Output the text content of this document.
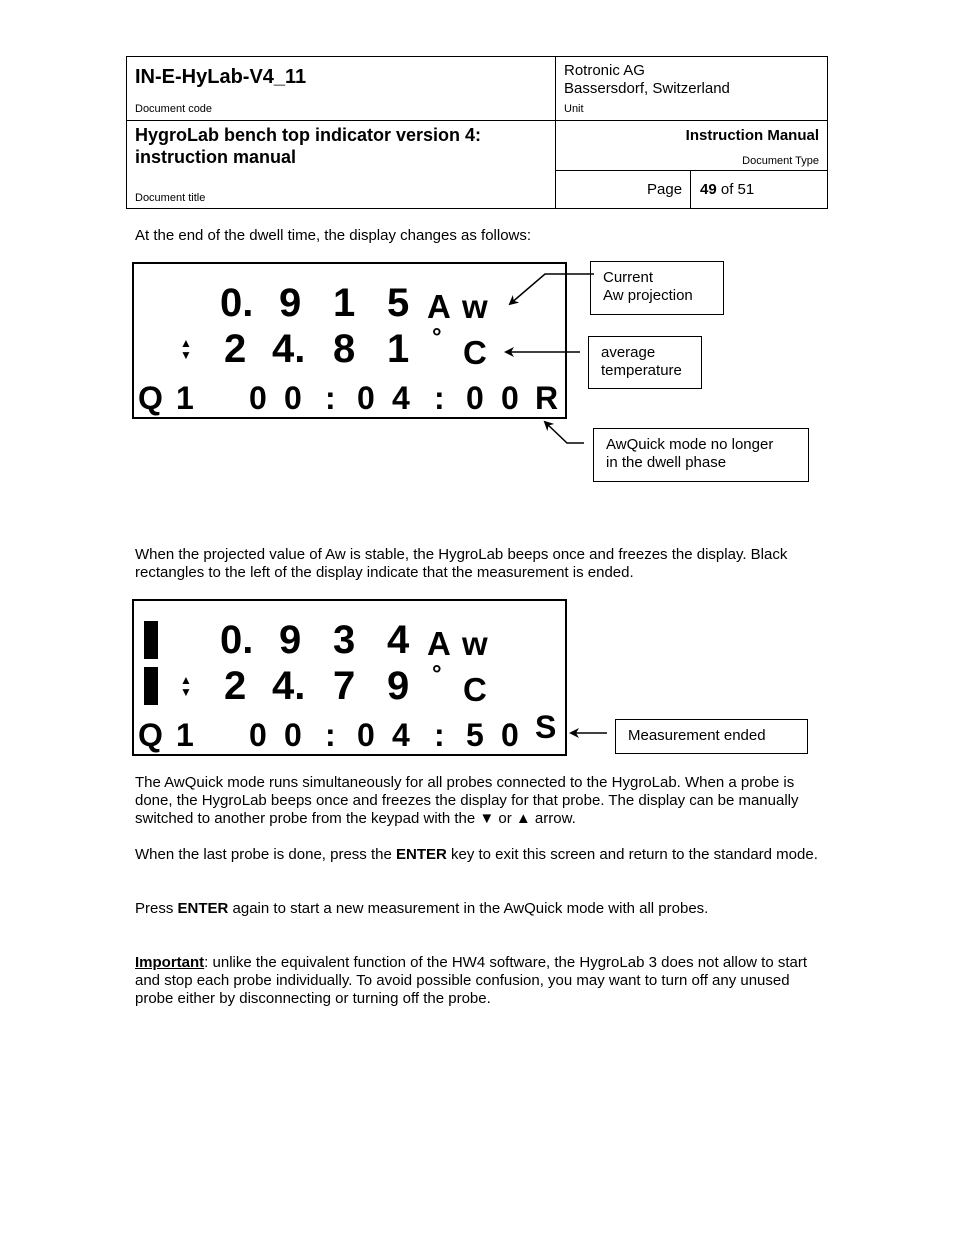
IN-E-HyLab-V4_11
Document code
Rotronic AG
Bassersdorf, Switzerland
Unit
HygroLab bench top indicator version 4:
instruction manual
Document title
Instruction Manual
Document Type
Page 49 of 51

At the end of the dwell time, the display changes as follows:

0. 9 1 5 A w
▲▼ 2 4. 8 1 ° C
Q 1 0 0 : 0 4 : 0 0 R
Current
Aw projection
average
temperature
AwQuick mode no longer
in the dwell phase

When the projected value of Aw is stable, the HygroLab beeps once and freezes the display. Black rectangles to the left of the display indicate that the measurement is ended.

0. 9 3 4 A w
▲▼ 2 4. 7 9 ° C
Q 1 0 0 : 0 4 : 5 0 S	Measurement ended

The AwQuick mode runs simultaneously for all probes connected to the HygroLab. When a probe is done, the HygroLab beeps once and freezes the display for that probe. The display can be manually switched to another probe from the keypad with the ▼ or ▲ arrow.

When the last probe is done, press the ENTER key to exit this screen and return to the standard mode.

Press ENTER again to start a new measurement in the AwQuick mode with all probes.

Important: unlike the equivalent function of the HW4 software, the HygroLab 3 does not allow to start and stop each probe individually. To avoid possible confusion, you may want to turn off any unused probe either by disconnecting or turning off the probe.
